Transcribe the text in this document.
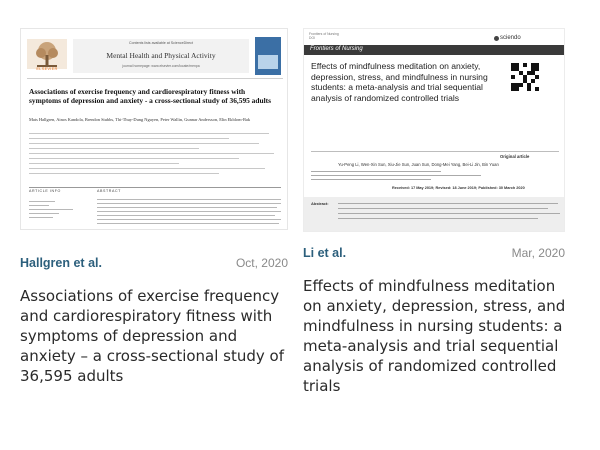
ELSEVIER
Contents lists available at ScienceDirect
Mental Health and Physical Activity
journal homepage: www.elsevier.com/locate/menpa
Associations of exercise frequency and cardiorespiratory fitness with symptoms of depression and anxiety - a cross-sectional study of 36,595 adults
Mats Hallgren, Ainos Kandola, Brendon Stubbs, Thi-Thuy-Dung Nguyen, Peter Wallin, Gunnar Andersson, Elin Ekblom-Bak
ARTICLE INFO	ABSTRACT
Hallgren et al.	Oct, 2020
Associations of exercise frequency and cardiorespiratory fitness with symptoms of depression and anxiety – a cross-sectional study of 36,595 adults
Frontiers of Nursing
DOI	sciendo
Frontiers of Nursing
Effects of mindfulness meditation on anxiety, depression, stress, and mindfulness in nursing students: a meta-analysis and trial sequential analysis of randomized controlled trials
Original article
Yu-Peng Li, Wen-Xin Sun, Xiu-Jie Sun, Juan Sun, Dong-Mei Yang, Bei-Li Jin, Bin Yuan
Received: 17 May 2019; Revised: 18 June 2019; Published: 30 March 2020
Abstract:
Li et al.	Mar, 2020
Effects of mindfulness meditation on anxiety, depression, stress, and mindfulness in nursing students: a meta-analysis and trial sequential analysis of randomized controlled trials
